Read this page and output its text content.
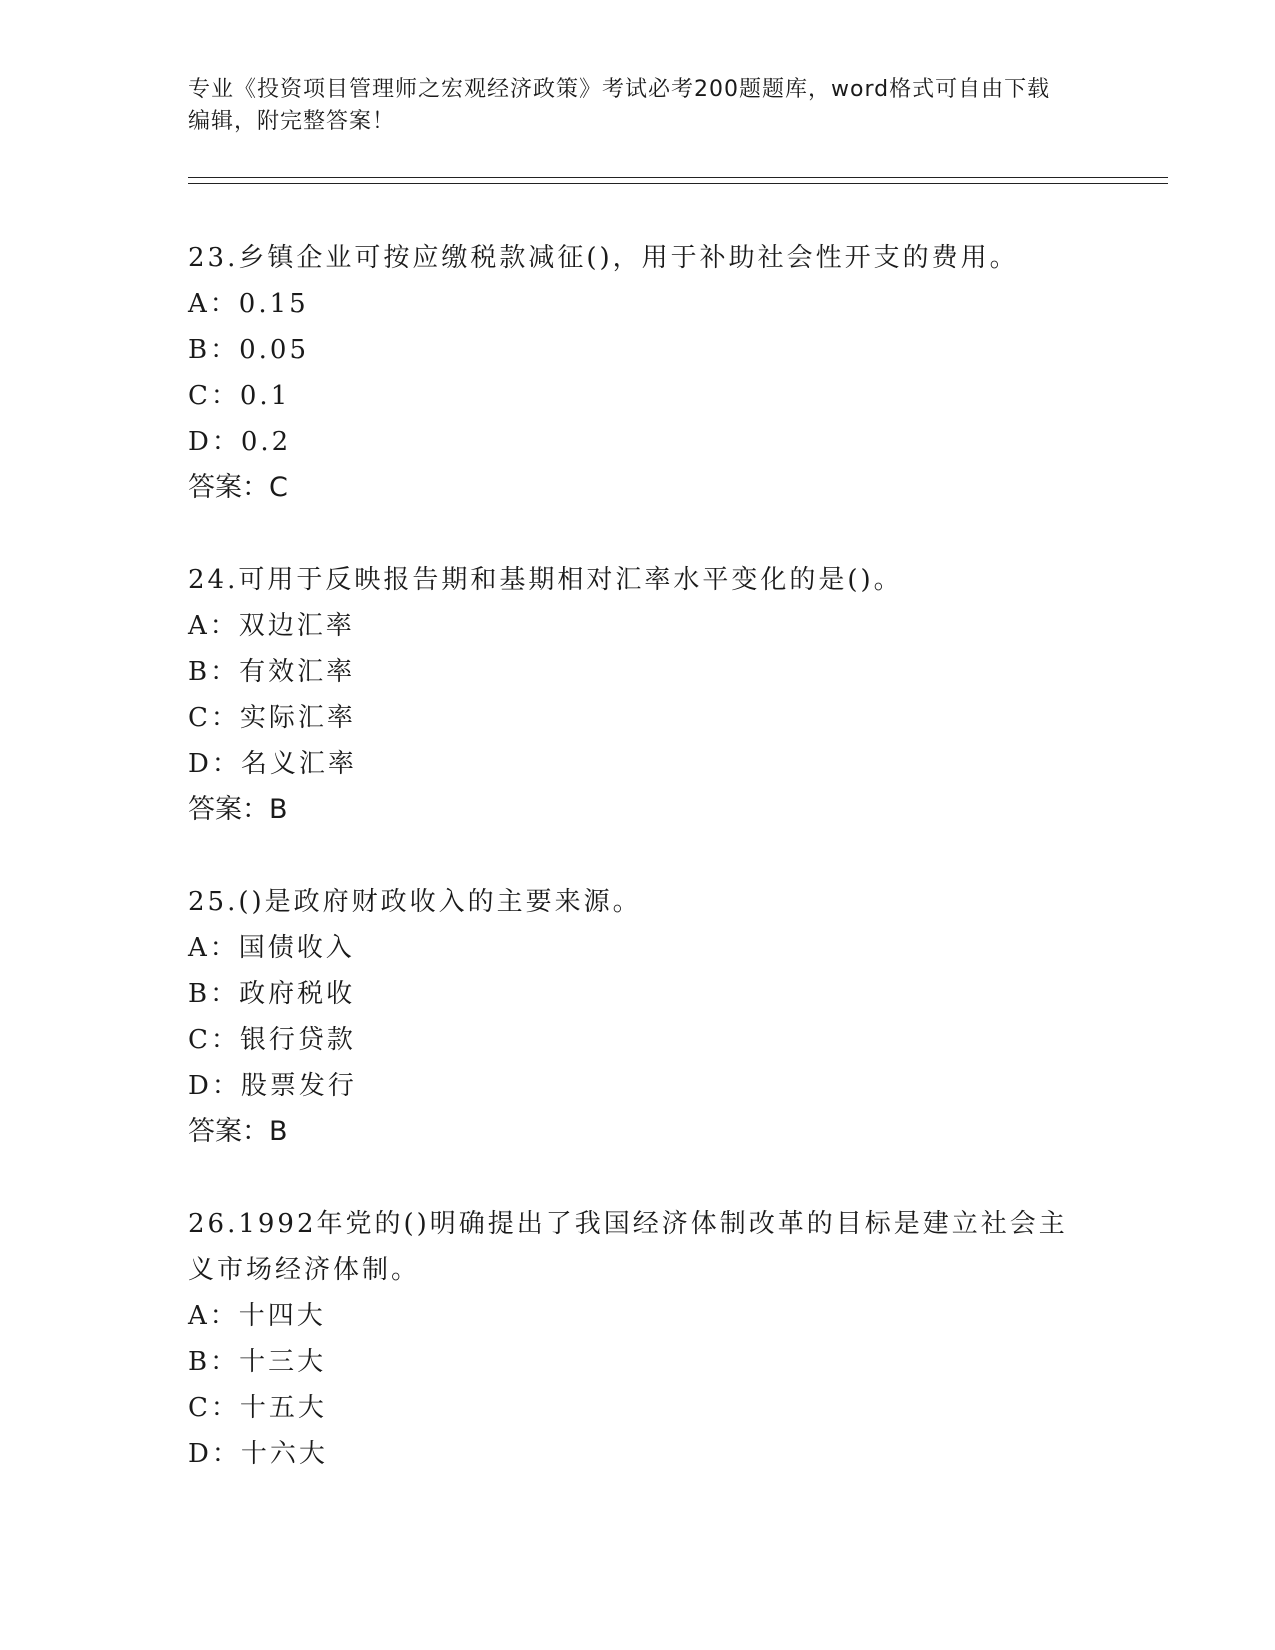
专业《投资项目管理师之宏观经济政策》考试必考200题题库，word格式可自由下载编辑，附完整答案！

23.乡镇企业可按应缴税款减征()，用于补助社会性开支的费用。

A：0.15

B：0.05

C：0.1

D：0.2

答案：C

24.可用于反映报告期和基期相对汇率水平变化的是()。

A：双边汇率

B：有效汇率

C：实际汇率

D：名义汇率

答案：B

25.()是政府财政收入的主要来源。

A：国债收入

B：政府税收

C：银行贷款

D：股票发行

答案：B

26.1992年党的()明确提出了我国经济体制改革的目标是建立社会主义市场经济体制。

A：十四大

B：十三大

C：十五大

D：十六大
